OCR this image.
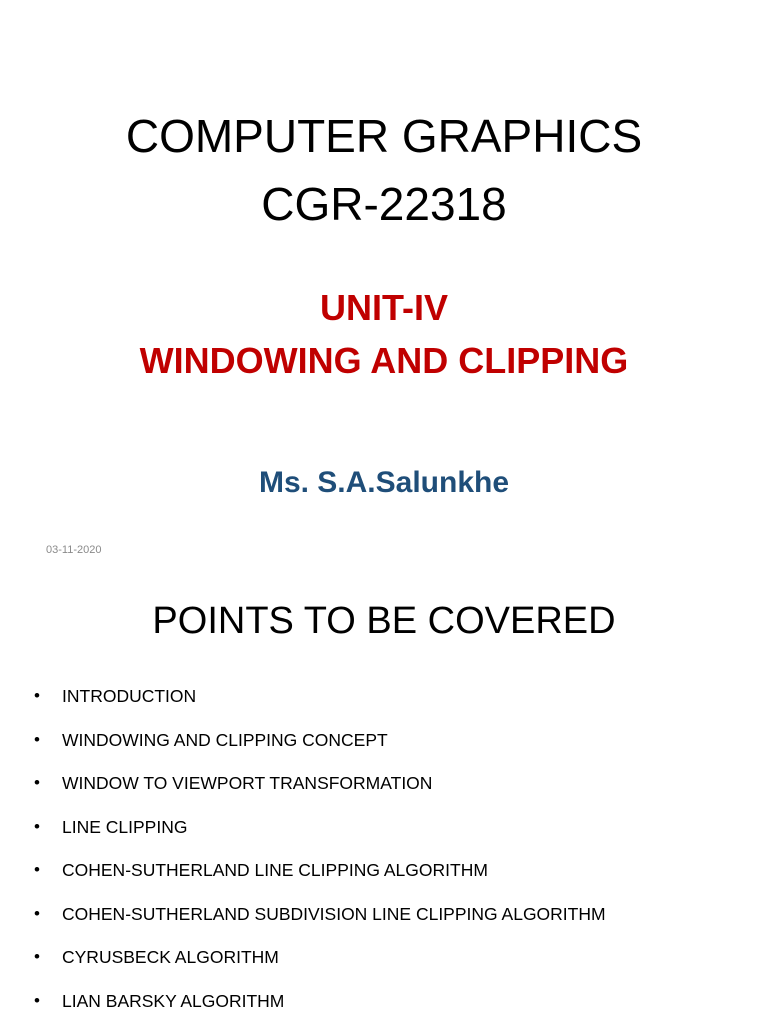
COMPUTER GRAPHICS
CGR-22318
UNIT-IV
WINDOWING AND CLIPPING
Ms. S.A.Salunkhe
03-11-2020
POINTS TO BE COVERED
•	INTRODUCTION
•	WINDOWING AND CLIPPING CONCEPT
•	WINDOW TO VIEWPORT TRANSFORMATION
•	LINE CLIPPING
•	COHEN-SUTHERLAND LINE CLIPPING ALGORITHM
•	COHEN-SUTHERLAND SUBDIVISION LINE CLIPPING ALGORITHM
•	CYRUSBECK ALGORITHM
•	LIAN BARSKY ALGORITHM
